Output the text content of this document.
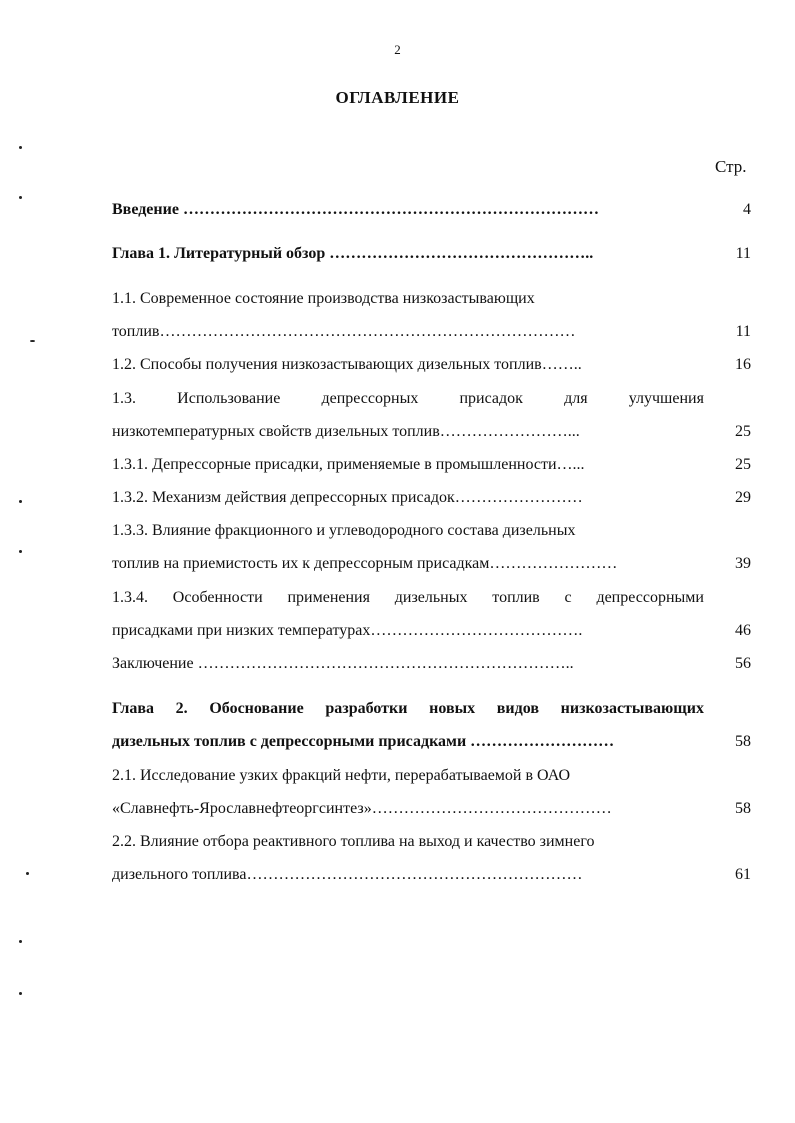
2
ОГЛАВЛЕНИЕ
Стр.
Введение ……………………………………………………………………	4
Глава 1. Литературный обзор …………………………………………..	11
1.1. Современное состояние производства низкозастывающих
топлив……………………………………………………………………	11
1.2. Способы получения низкозастывающих дизельных топлив……..	16
1.3.	Использование	депрессорных	присадок	для	улучшения
низкотемпературных свойств дизельных топлив……………………...	25
1.3.1. Депрессорные присадки, применяемые в промышленности…...	25
1.3.2. Механизм действия депрессорных присадок……………………	29
1.3.3. Влияние фракционного и углеводородного состава дизельных
топлив на приемистость их к депрессорным присадкам……………………	39
1.3.4. Особенности применения дизельных топлив с депрессорными
присадками при низких температурах………………………………….	46
Заключение ……………………………………………………………..	56
Глава 2. Обоснование разработки новых видов низкозастывающих
дизельных топлив с депрессорными присадками ………………………	58
2.1. Исследование узких фракций нефти, перерабатываемой в ОАО
«Славнефть-Ярославнефтеоргсинтез»………………………………………	58
2.2. Влияние отбора реактивного топлива на выход и качество зимнего
дизельного топлива………………………………………………………	61
